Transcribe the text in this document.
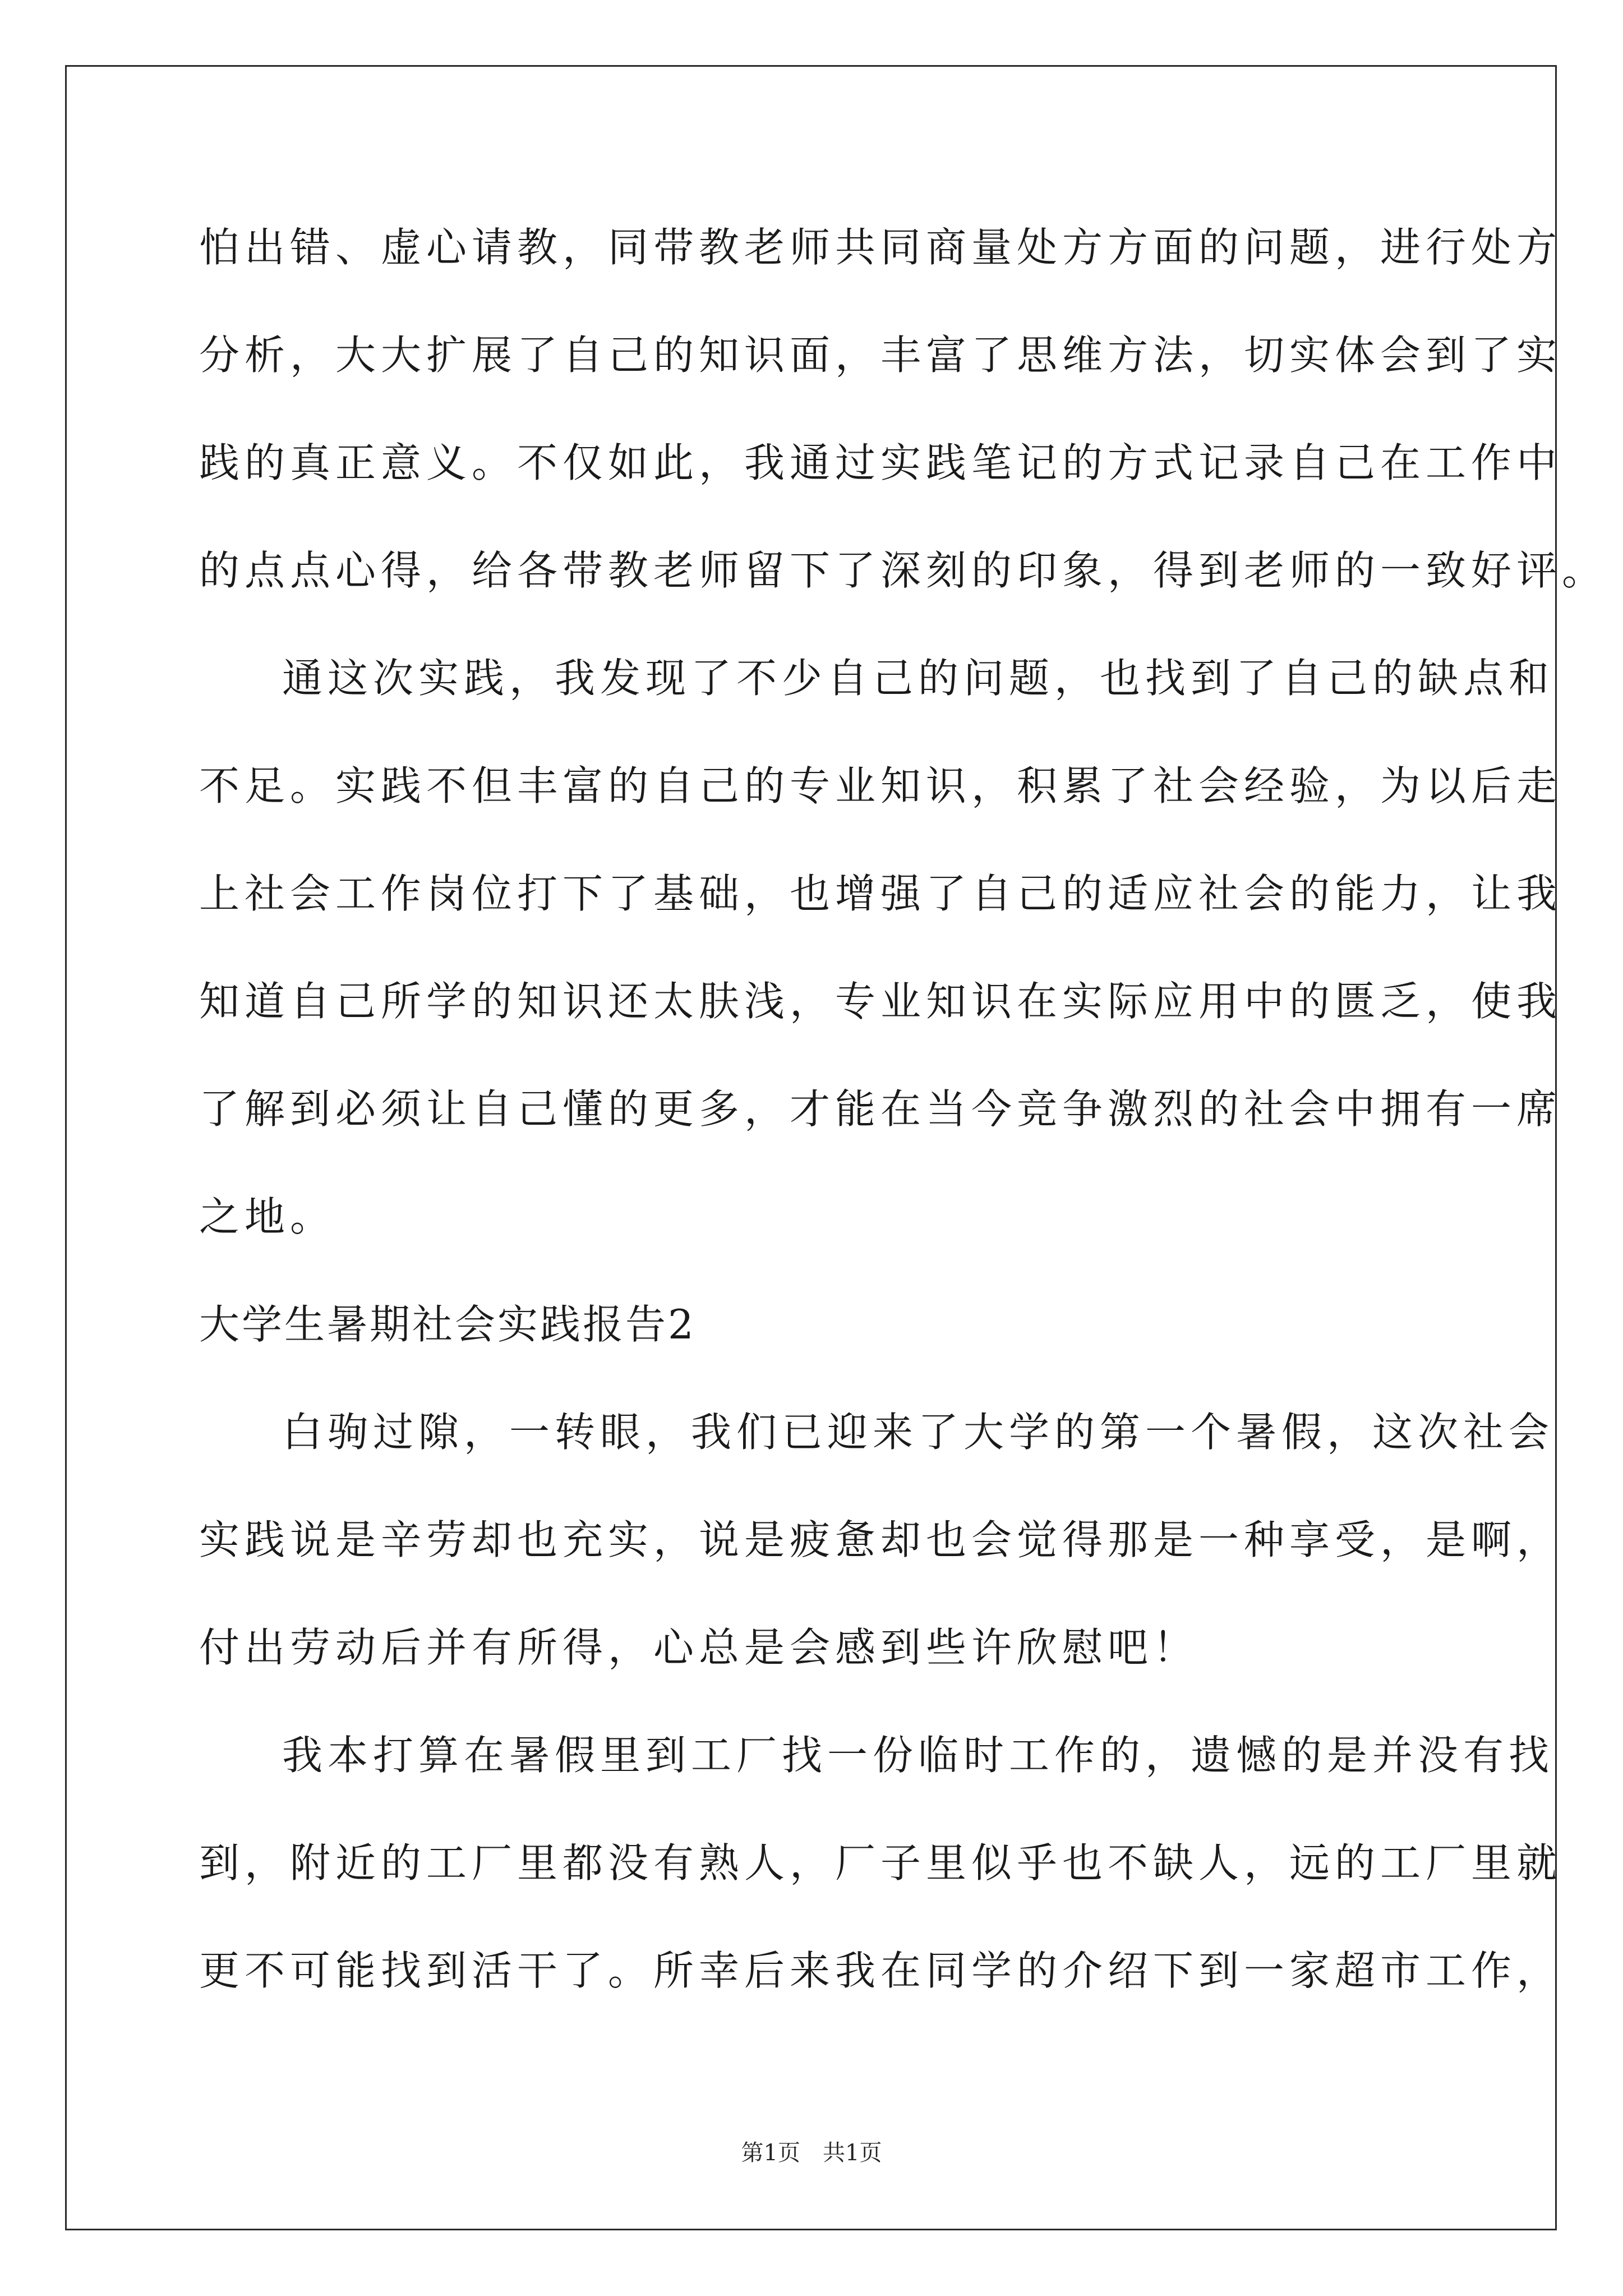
怕出错、虚心请教，同带教老师共同商量处方方面的问题，进行处方
分析，大大扩展了自己的知识面，丰富了思维方法，切实体会到了实
践的真正意义。不仅如此，我通过实践笔记的方式记录自己在工作中
的点点心得，给各带教老师留下了深刻的印象，得到老师的一致好评。
通这次实践，我发现了不少自己的问题，也找到了自己的缺点和
不足。实践不但丰富的自己的专业知识，积累了社会经验，为以后走
上社会工作岗位打下了基础，也增强了自己的适应社会的能力，让我
知道自己所学的知识还太肤浅，专业知识在实际应用中的匮乏，使我
了解到必须让自己懂的更多，才能在当今竞争激烈的社会中拥有一席
之地。
大学生暑期社会实践报告2
白驹过隙，一转眼，我们已迎来了大学的第一个暑假，这次社会
实践说是辛劳却也充实，说是疲惫却也会觉得那是一种享受，是啊，
付出劳动后并有所得，心总是会感到些许欣慰吧！
我本打算在暑假里到工厂找一份临时工作的，遗憾的是并没有找
到，附近的工厂里都没有熟人，厂子里似乎也不缺人，远的工厂里就
更不可能找到活干了。所幸后来我在同学的介绍下到一家超市工作，
第1页　共1页
